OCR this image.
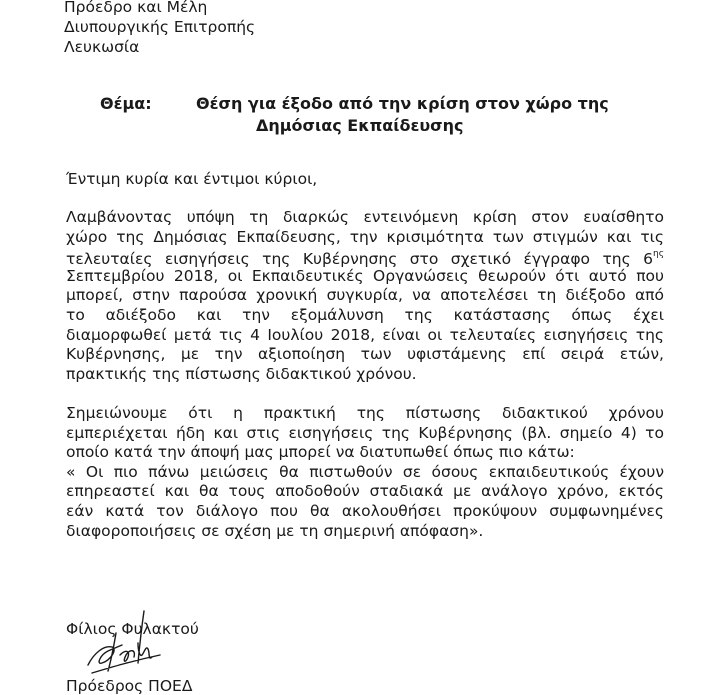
Πρόεδρο και Μέλη
Διυπουργικής Επιτροπής
Λευκωσία
Θέμα:	Θέση για έξοδο από την κρίση στον χώρο της
Δημόσιας Εκπαίδευσης
Έντιμη κυρία και έντιμοι κύριοι,
Λαμβάνοντας υπόψη τη διαρκώς εντεινόμενη κρίση στον ευαίσθητο
χώρο της Δημόσιας Εκπαίδευσης, την κρισιμότητα των στιγμών και τις
τελευταίες εισηγήσεις της Κυβέρνησης στο σχετικό έγγραφο της $6^{\eta\varsigma}$
Σεπτεμβρίου 2018, οι Εκπαιδευτικές Οργανώσεις θεωρούν ότι αυτό που
μπορεί, στην παρούσα χρονική συγκυρία, να αποτελέσει τη διέξοδο από
το αδιέξοδο και την εξομάλυνση της κατάστασης όπως έχει
διαμορφωθεί μετά τις 4 Ιουλίου 2018, είναι οι τελευταίες εισηγήσεις της
Κυβέρνησης, με την αξιοποίηση των υφιστάμενης επί σειρά ετών,
πρακτικής της πίστωσης διδακτικού χρόνου.
Σημειώνουμε ότι η πρακτική της πίστωσης διδακτικού χρόνου
εμπεριέχεται ήδη και στις εισηγήσεις της Κυβέρνησης (βλ. σημείο 4) το
οποίο κατά την άποψή μας μπορεί να διατυπωθεί όπως πιο κάτω:
« Οι πιο πάνω μειώσεις θα πιστωθούν σε όσους εκπαιδευτικούς έχουν
επηρεαστεί και θα τους αποδοθούν σταδιακά με ανάλογο χρόνο, εκτός
εάν κατά τον διάλογο που θα ακολουθήσει προκύψουν συμφωνημένες
διαφοροποιήσεις σε σχέση με τη σημερινή απόφαση».
Φίλιος Φυλακτού
Πρόεδρος ΠΟΕΔ
